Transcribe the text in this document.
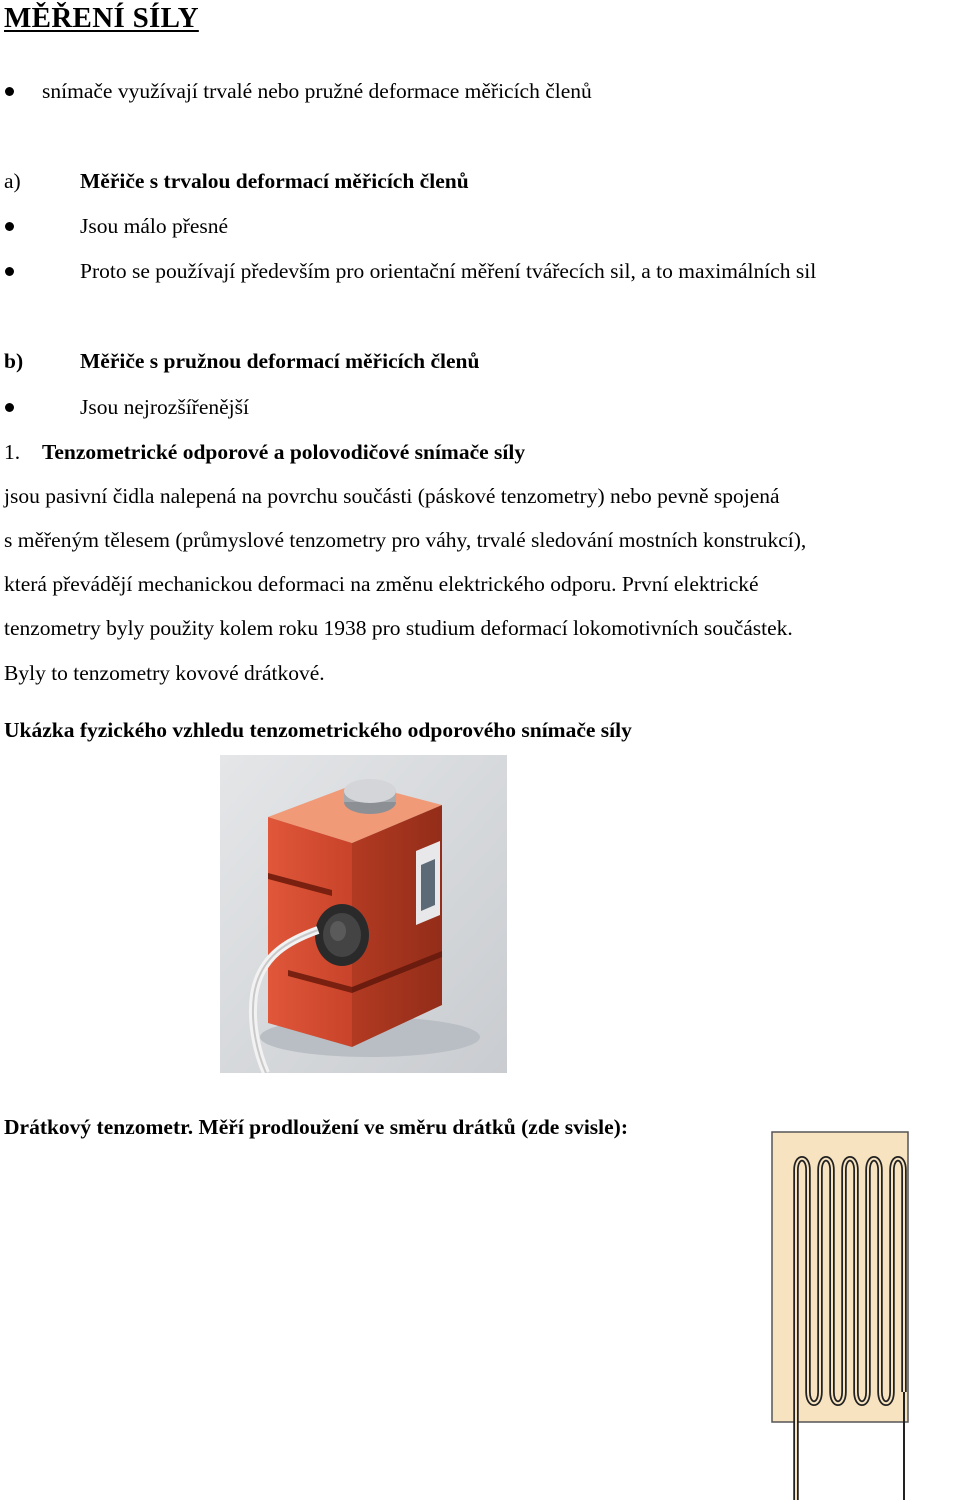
MĚŘENÍ SÍLY
snímače využívají trvalé nebo pružné deformace měřicích členů
a)	Měřiče s trvalou deformací měřicích členů
Jsou málo přesné
Proto se používají především pro orientační měření tvářecích sil, a to maximálních sil
b)	Měřiče s pružnou deformací měřicích členů
Jsou nejrozšířenější
1. Tenzometrické odporové a polovodičové snímače síly
jsou pasivní čidla nalepená na povrchu součásti (páskové tenzometry) nebo pevně spojená
s měřeným tělesem (průmyslové tenzometry pro váhy, trvalé sledování mostních konstrukcí),
která převádějí mechanickou deformaci na změnu elektrického odporu. První elektrické
tenzometry byly použity kolem roku 1938 pro studium deformací lokomotivních součástek.
Byly to tenzometry kovové drátkové.
Ukázka fyzického vzhledu tenzometrického odporového snímače síly
Drátkový tenzometr. Měří prodloužení ve směru drátků (zde svisle):
